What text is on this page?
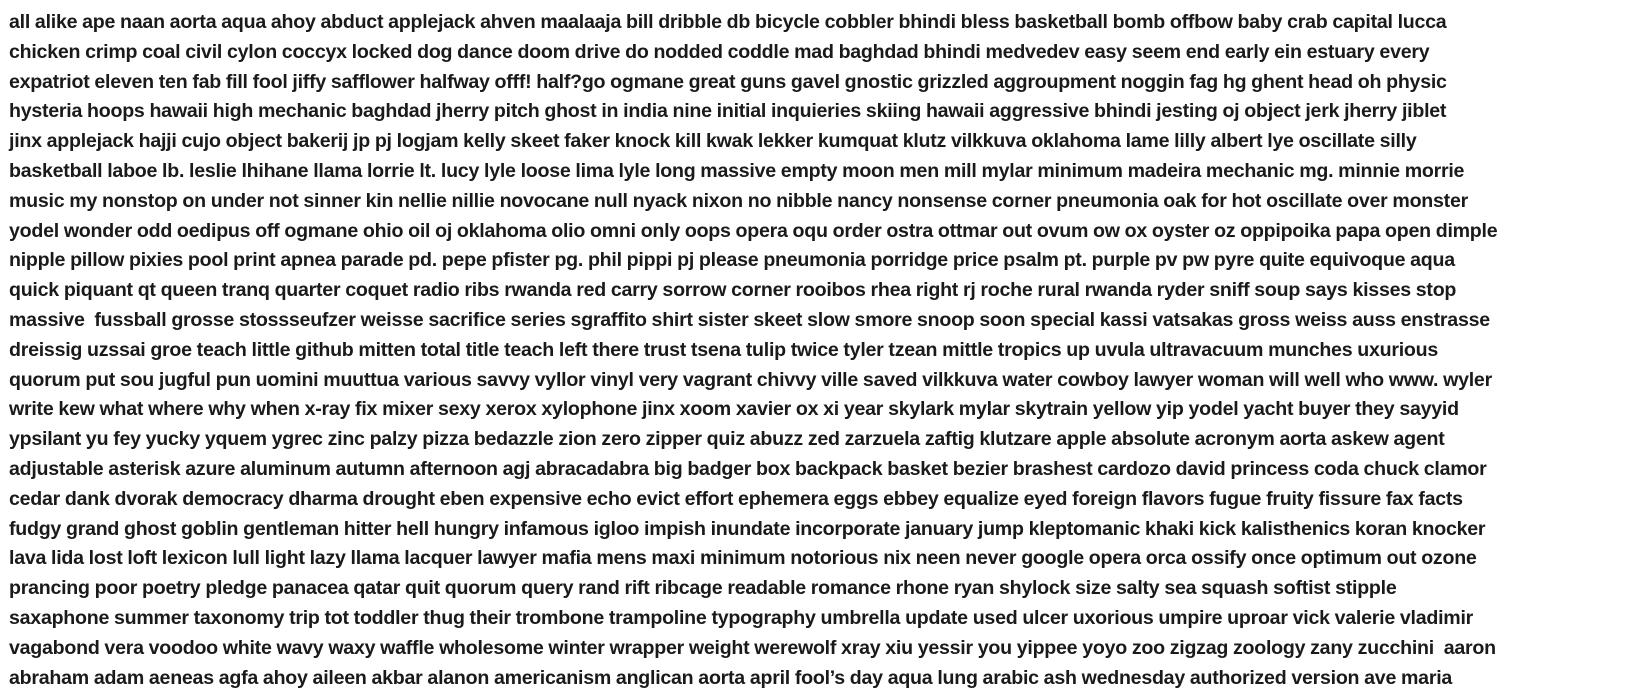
all alike ape naan aorta aqua ahoy abduct applejack ahven maalaaja bill dribble db bicycle cobbler bhindi bless basketball bomb offbow baby crab capital lucca
chicken crimp coal civil cylon coccyx locked dog dance doom drive do nodded coddle mad baghdad bhindi medvedev easy seem end early ein estuary every
expatriot eleven ten fab fill fool jiffy safflower halfway offf! half?go ogmane great guns gavel gnostic grizzled aggroupment noggin fag hg ghent head oh physic
hysteria hoops hawaii high mechanic baghdad jherry pitch ghost in india nine initial inquieries skiing hawaii aggressive bhindi jesting oj object jerk jherry jiblet
jinx applejack hajji cujo object bakerij jp pj logjam kelly skeet faker knock kill kwak lekker kumquat klutz vilkkuva oklahoma lame lilly albert lye oscillate silly
basketball laboe lb. leslie lhihane llama lorrie lt. lucy lyle loose lima lyle long massive empty moon men mill mylar minimum madeira mechanic mg. minnie morrie
music my nonstop on under not sinner kin nellie nillie novocane null nyack nixon no nibble nancy nonsense corner pneumonia oak for hot oscillate over monster
yodel wonder odd oedipus off ogmane ohio oil oj oklahoma olio omni only oops opera oqu order ostra ottmar out ovum ow ox oyster oz oppipoika papa open dimple
nipple pillow pixies pool print apnea parade pd. pepe pfister pg. phil pippi pj please pneumonia porridge price psalm pt. purple pv pw pyre quite equivoque aqua
quick piquant qt queen tranq quarter coquet radio ribs rwanda red carry sorrow corner rooibos rhea right rj roche rural rwanda ryder sniff soup says kisses stop
massive  fussball grosse stossseufzer weisse sacrifice series sgraffito shirt sister skeet slow smore snoop soon special kassi vatsakas gross weiss auss enstrasse
dreissig uzssai groe teach little github mitten total title teach left there trust tsena tulip twice tyler tzean mittle tropics up uvula ultravacuum munches uxurious
quorum put sou jugful pun uomini muuttua various savvy vyllor vinyl very vagrant chivvy ville saved vilkkuva water cowboy lawyer woman will well who www. wyler
write kew what where why when x-ray fix mixer sexy xerox xylophone jinx xoom xavier ox xi year skylark mylar skytrain yellow yip yodel yacht buyer they sayyid
ypsilant yu fey yucky yquem ygrec zinc palzy pizza bedazzle zion zero zipper quiz abuzz zed zarzuela zaftig klutzare apple absolute acronym aorta askew agent
adjustable asterisk azure aluminum autumn afternoon agj abracadabra big badger box backpack basket bezier brashest cardozo david princess coda chuck clamor
cedar dank dvorak democracy dharma drought eben expensive echo evict effort ephemera eggs ebbey equalize eyed foreign flavors fugue fruity fissure fax facts
fudgy grand ghost goblin gentleman hitter hell hungry infamous igloo impish inundate incorporate january jump kleptomanic khaki kick kalisthenics koran knocker
lava lida lost loft lexicon lull light lazy llama lacquer lawyer mafia mens maxi minimum notorious nix neen never google opera orca ossify once optimum out ozone
prancing poor poetry pledge panacea qatar quit quorum query rand rift ribcage readable romance rhone ryan shylock size salty sea squash softist stipple
saxaphone summer taxonomy trip tot toddler thug their trombone trampoline typography umbrella update used ulcer uxorious umpire uproar vick valerie vladimir
vagabond vera voodoo white wavy waxy waffle wholesome winter wrapper weight werewolf xray xiu yessir you yippee yoyo zoo zigzag zoology zany zucchini  aaron
abraham adam aeneas agfa ahoy aileen akbar alanon americanism anglican aorta april fool’s day aqua lung arabic ash wednesday authorized version ave maria
